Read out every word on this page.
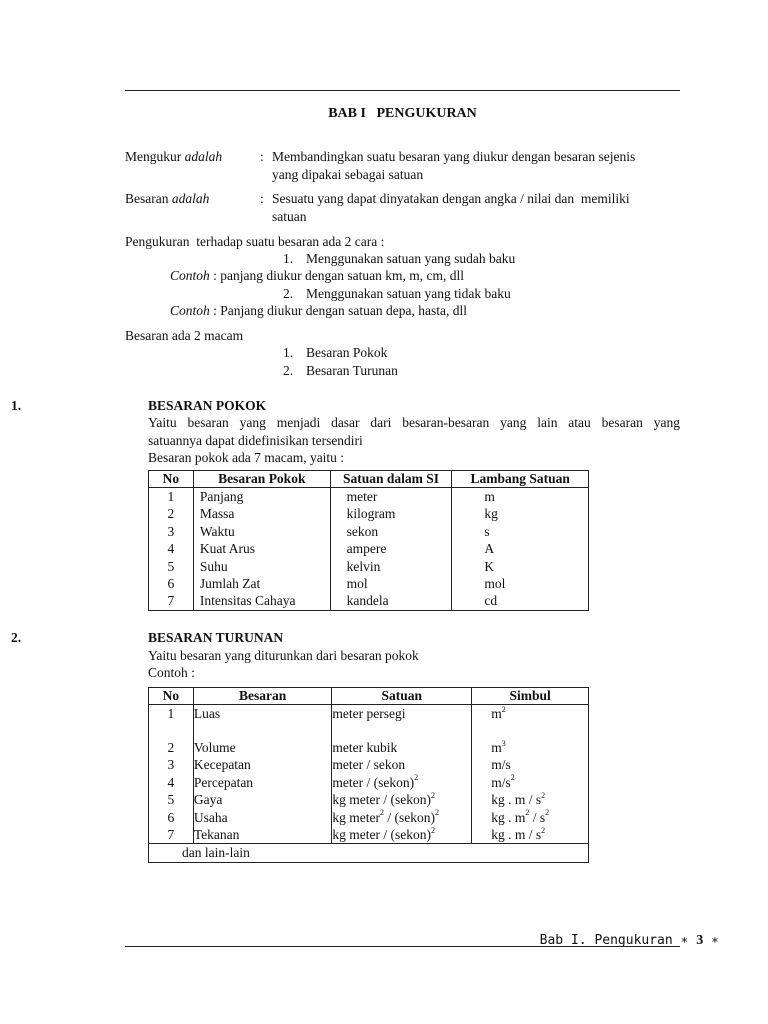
BAB I   PENGUKURAN
Mengukur adalah	: Membandingkan suatu besaran yang diukur dengan besaran sejenis
yang dipakai sebagai satuan
Besaran adalah	: Sesuatu yang dapat dinyatakan dengan angka / nilai dan  memiliki
satuan
Pengukuran  terhadap suatu besaran ada 2 cara :
1. Menggunakan satuan yang sudah baku
Contoh : panjang diukur dengan satuan km, m, cm, dll
2. Menggunakan satuan yang tidak baku
Contoh : Panjang diukur dengan satuan depa, hasta, dll
Besaran ada 2 macam
1. Besaran Pokok
2. Besaran Turunan
1.	BESARAN POKOK
Yaitu besaran yang menjadi dasar dari besaran-besaran yang lain atau besaran yang
satuannya dapat didefinisikan tersendiri
Besaran pokok ada 7 macam, yaitu :
No	Besaran Pokok	Satuan dalam SI	Lambang Satuan
1	Panjang	meter	m
2	Massa	kilogram	kg
3	Waktu	sekon	s
4	Kuat Arus	ampere	A
5	Suhu	kelvin	K
6	Jumlah Zat	mol	mol
7	Intensitas Cahaya	kandela	cd
2.	BESARAN TURUNAN
Yaitu besaran yang diturunkan dari besaran pokok
Contoh :
No	Besaran	Satuan	Simbul
1	Luas	meter persegi	$m^2$
2	Volume	meter kubik	$m^3$
3	Kecepatan	meter / sekon	m/s
4	Percepatan	meter / (sekon)$^2$	$m/s^2$
5	Gaya	kg meter / (sekon)$^2$	kg . m / $s^2$
6	Usaha	kg meter$^2$ / (sekon)$^2$	kg . $m^2 / s^2$
7	Tekanan	kg meter / (sekon)$^2$	kg . m / $s^2$
dan lain-lain			

Bab I. Pengukuran ∗ 3 ∗
